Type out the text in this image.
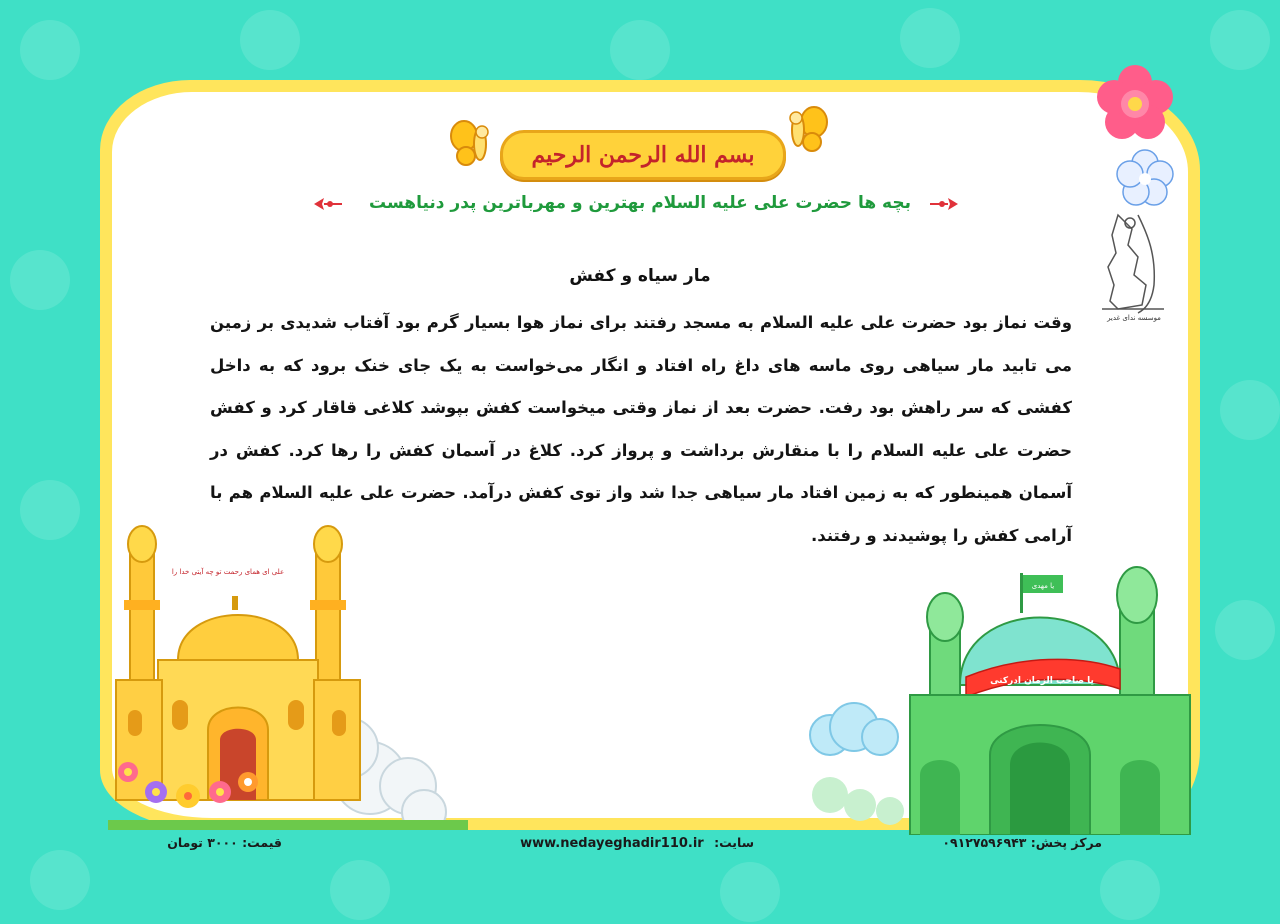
بسم الله الرحمن الرحیم
بچه ها حضرت علی علیه السلام بهترین و مهرباترین پدر دنیاهست
موسسه ندای غدیر
مار سیاه و کفش
وقت نماز بود حضرت علی علیه السلام به مسجد رفتند برای نماز هوا بسیار گرم بود آفتاب شدیدی بر زمین می تابید مار سیاهی روی ماسه های داغ راه افتاد و انگار می‌خواست به یک جای خنک برود که به داخل کفشی که سر راهش بود رفت. حضرت بعد از نماز وقتی میخواست کفش بپوشد کلاغی قاقار کرد و کفش حضرت علی علیه السلام را با منقارش برداشت و پرواز کرد. کلاغ در آسمان کفش را رها کرد. کفش در آسمان همینطور که به زمین افتاد مار سیاهی جدا شد واز توی کفش درآمد. حضرت علی علیه السلام هم با آرامی کفش را پوشیدند و رفتند.
علی ای همای رحمت تو چه آیتی خدا را
یا مهدی
یا صاحب الزمان ادرکنی
مرکز پخش: ۰۹۱۲۷۵۹۶۹۴۳
سایت: www.nedayeghadir110.ir
قیمت: ۳۰۰۰ تومان
